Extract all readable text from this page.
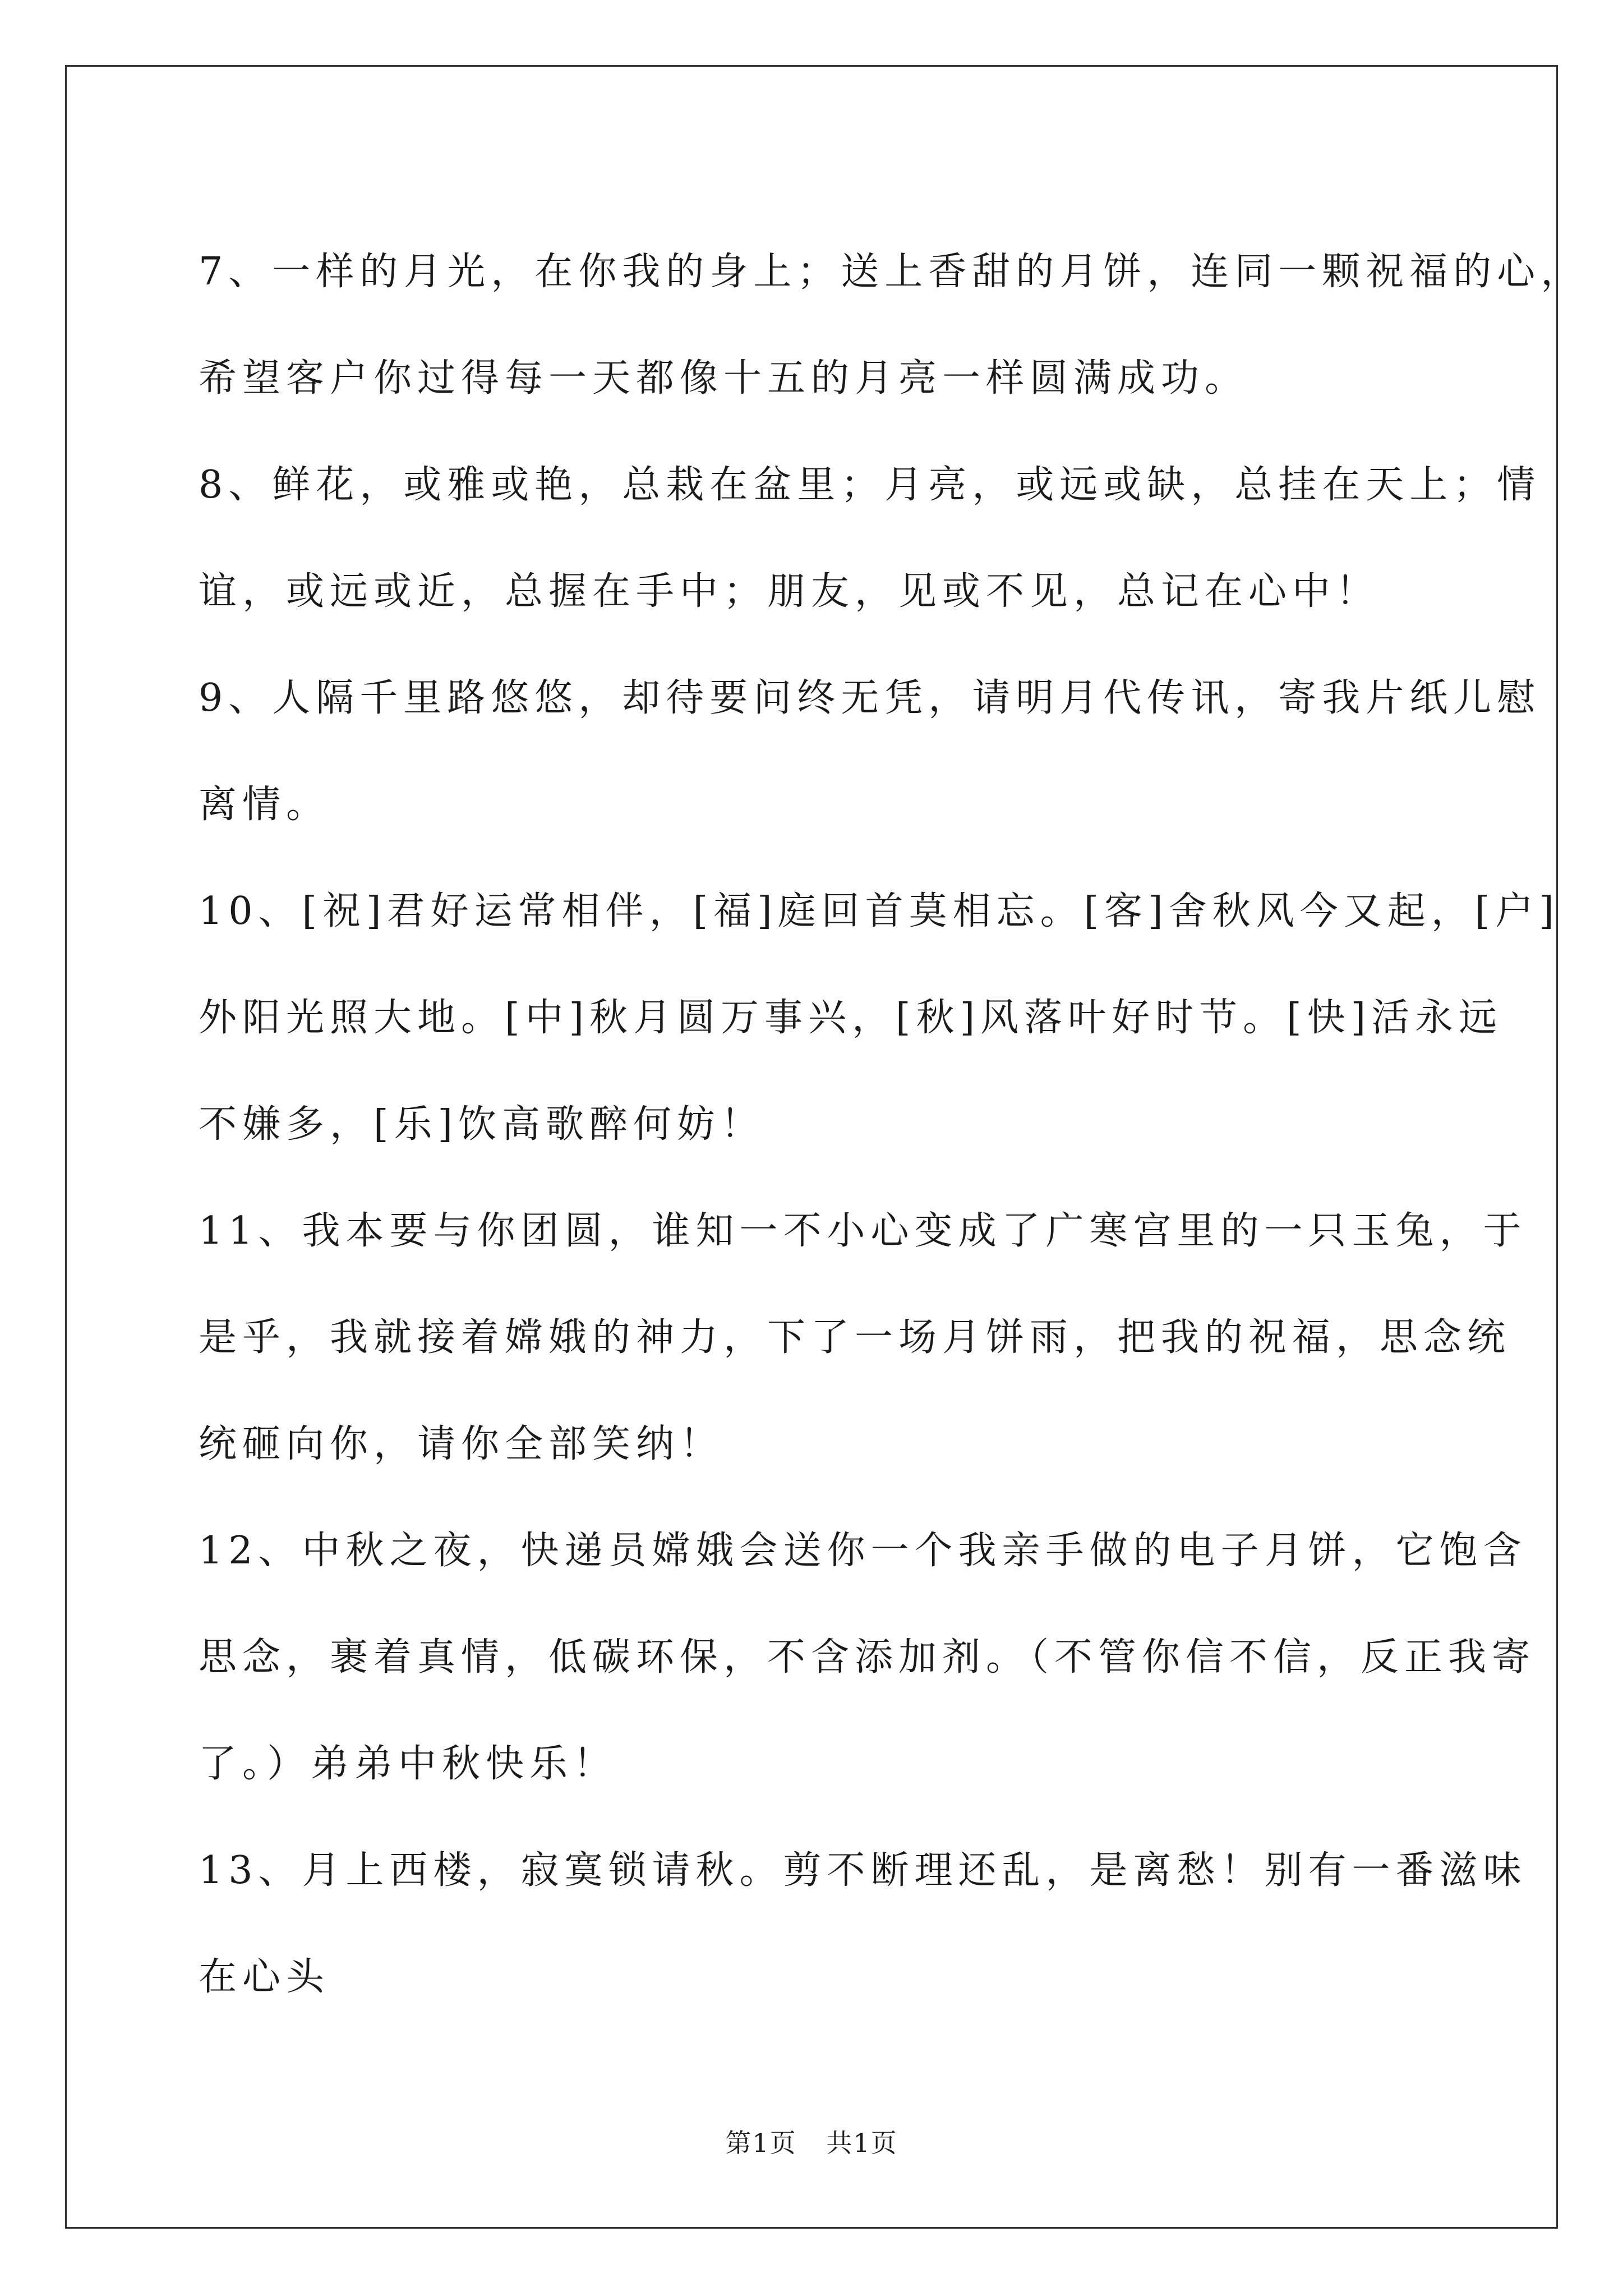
7、一样的月光，在你我的身上；送上香甜的月饼，连同一颗祝福的心，
希望客户你过得每一天都像十五的月亮一样圆满成功。

8、鲜花，或雅或艳，总栽在盆里；月亮，或远或缺，总挂在天上；情
谊，或远或近，总握在手中；朋友，见或不见，总记在心中！

9、人隔千里路悠悠，却待要问终无凭，请明月代传讯，寄我片纸儿慰
离情。

10、[祝]君好运常相伴，[福]庭回首莫相忘。[客]舍秋风今又起，[户]
外阳光照大地。[中]秋月圆万事兴，[秋]风落叶好时节。[快]活永远
不嫌多，[乐]饮高歌醉何妨！

11、我本要与你团圆，谁知一不小心变成了广寒宫里的一只玉兔，于
是乎，我就接着嫦娥的神力，下了一场月饼雨，把我的祝福，思念统
统砸向你，请你全部笑纳！

12、中秋之夜，快递员嫦娥会送你一个我亲手做的电子月饼，它饱含
思念，裹着真情，低碳环保，不含添加剂。（不管你信不信，反正我寄
了。）弟弟中秋快乐！

13、月上西楼，寂寞锁请秋。剪不断理还乱，是离愁！别有一番滋味
在心头

第1页 共1页
